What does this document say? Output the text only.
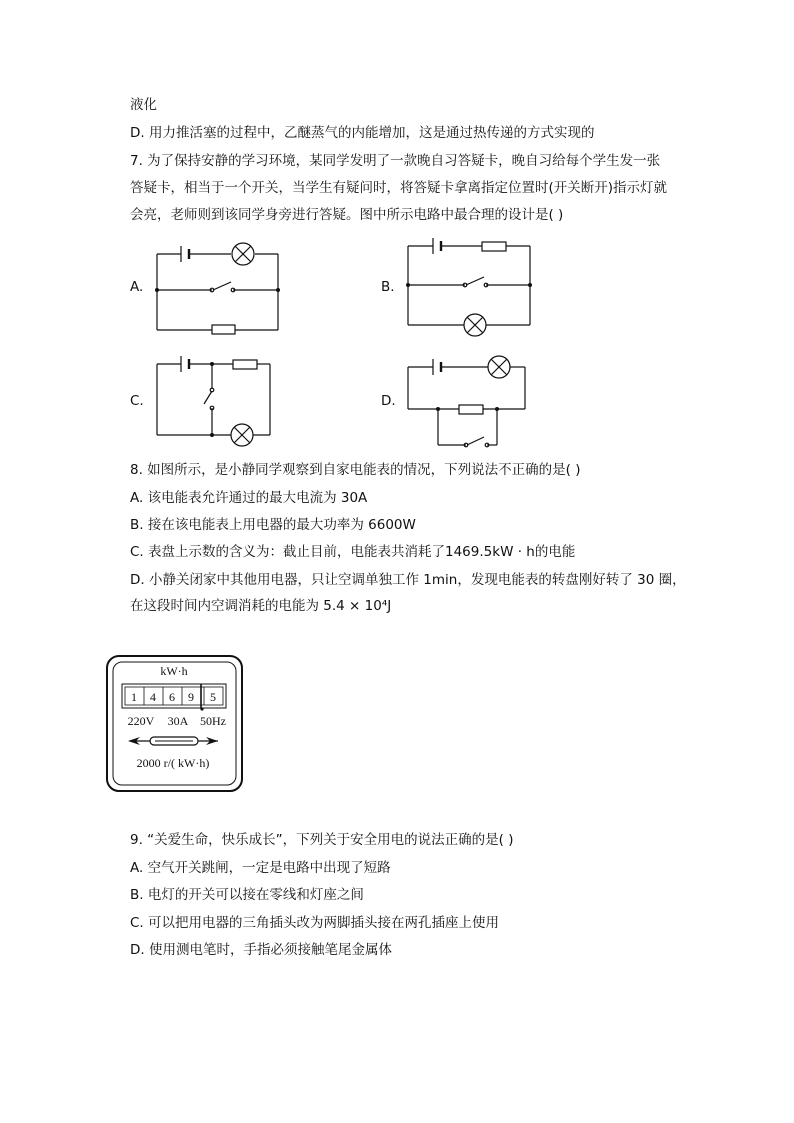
液化
D. 用力推活塞的过程中，乙醚蒸气的内能增加，这是通过热传递的方式实现的
7. 为了保持安静的学习环境，某同学发明了一款晚自习答疑卡，晚自习给每个学生发一张
答疑卡，相当于一个开关，当学生有疑问时，将答疑卡拿离指定位置时(开关断开)指示灯就
会亮，老师则到该同学身旁进行答疑。图中所示电路中最合理的设计是( )
A.	B.
C.	D.
8. 如图所示，是小静同学观察到自家电能表的情况，下列说法不正确的是( )
A. 该电能表允许通过的最大电流为 30A
B. 接在该电能表上用电器的最大功率为 6600W
C. 表盘上示数的含义为：截止目前，电能表共消耗了1469.5kW · h的电能
D. 小静关闭家中其他用电器，只让空调单独工作 1min，发现电能表的转盘刚好转了 30 圈，
在这段时间内空调消耗的电能为 5.4 × 10⁴J
kW·h
1 4 6 9 5
220V 30A 50Hz
2000 r/( kW·h)
9. “关爱生命，快乐成长”，下列关于安全用电的说法正确的是( )
A. 空气开关跳闸，一定是电路中出现了短路
B. 电灯的开关可以接在零线和灯座之间
C. 可以把用电器的三角插头改为两脚插头接在两孔插座上使用
D. 使用测电笔时，手指必须接触笔尾金属体
